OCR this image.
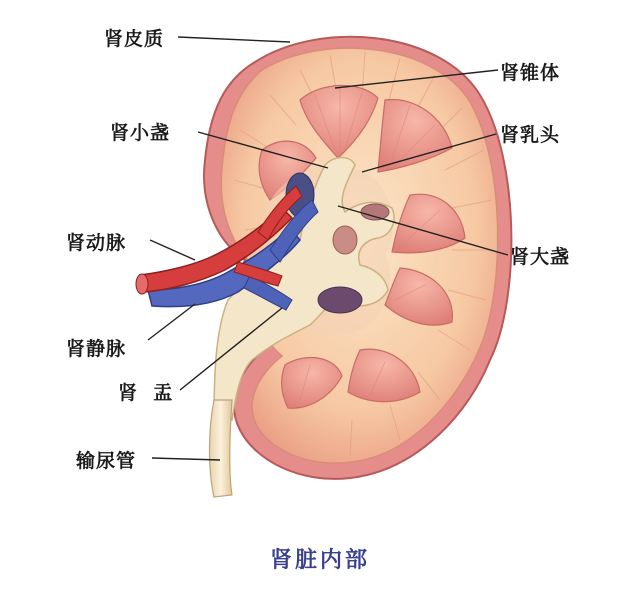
肾皮质
肾锥体
肾小盏	肾乳头
肾动脉
肾大盏
肾静脉
肾  盂
输尿管
肾脏内部
